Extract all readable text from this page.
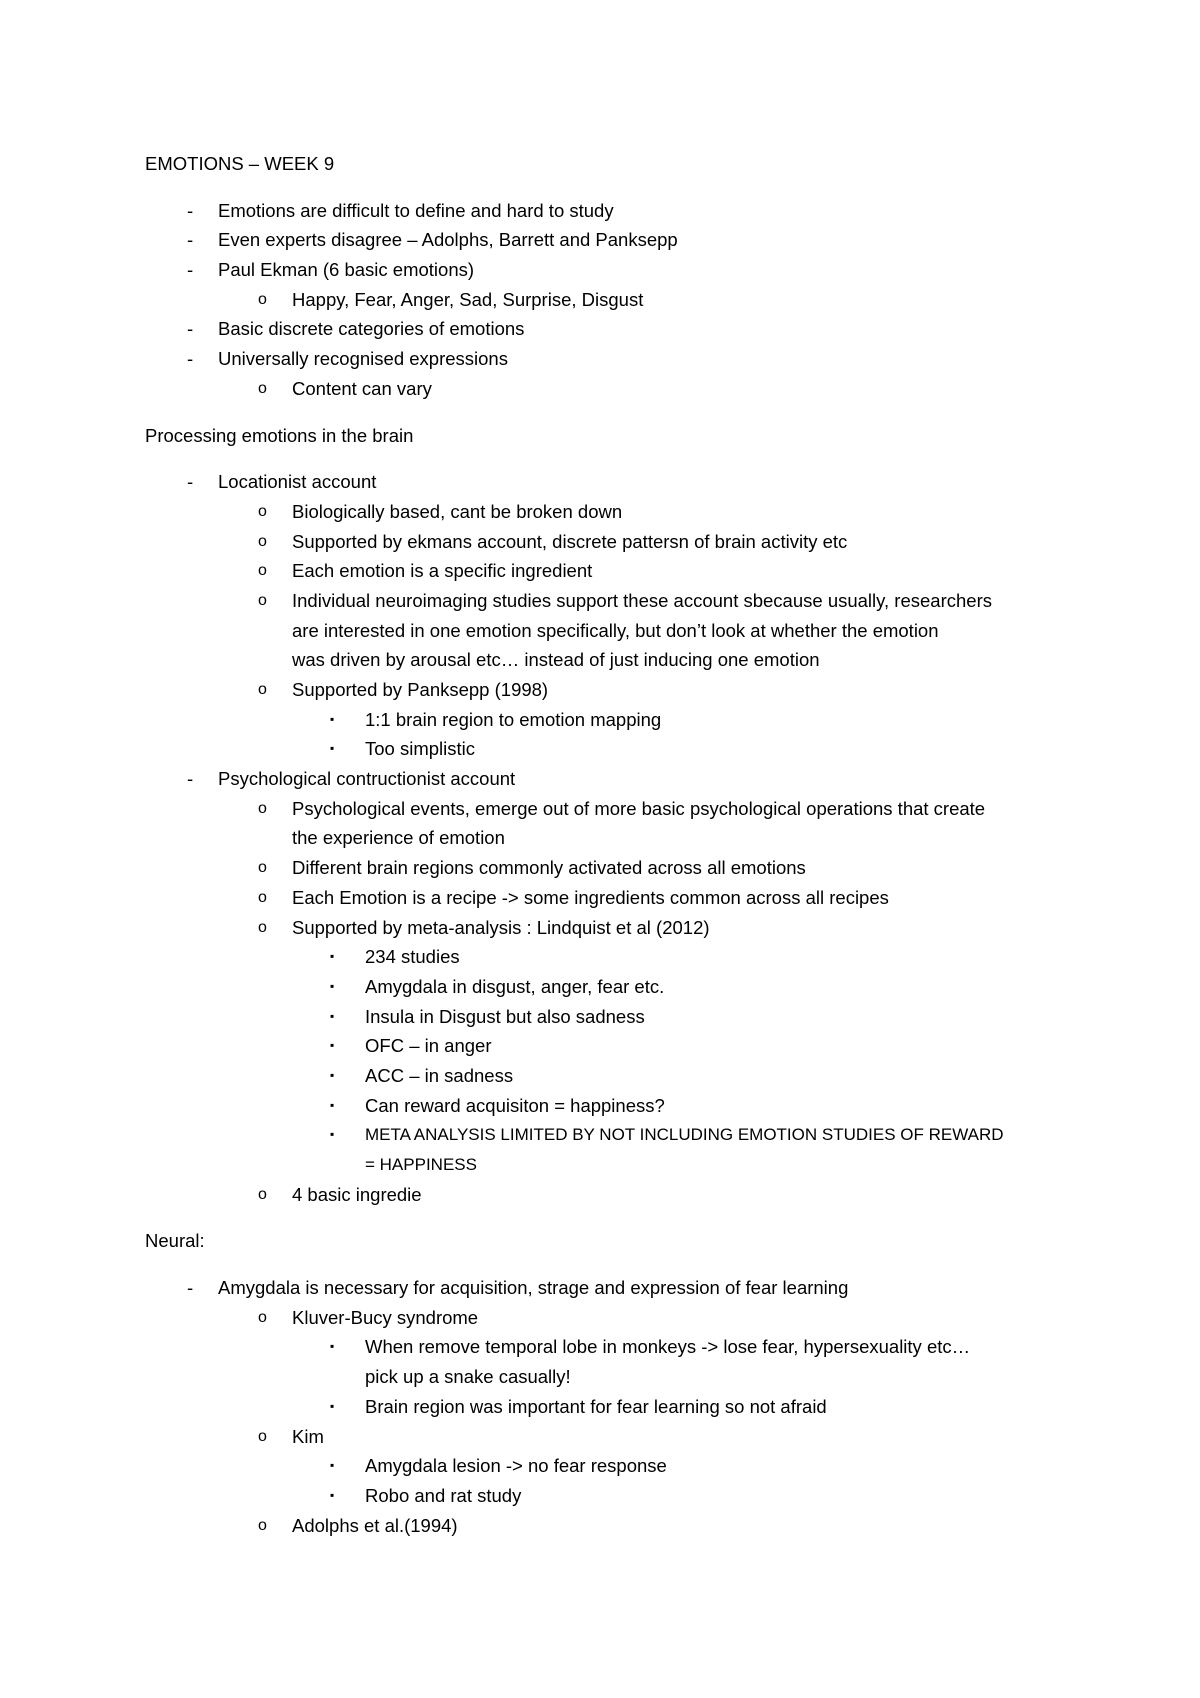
EMOTIONS – WEEK 9
- Emotions are difficult to define and hard to study
- Even experts disagree – Adolphs, Barrett and Panksepp
- Paul Ekman (6 basic emotions)
o Happy, Fear, Anger, Sad, Surprise, Disgust
- Basic discrete categories of emotions
- Universally recognised expressions
o Content can vary
Processing emotions in the brain
- Locationist account
o Biologically based, cant be broken down
o Supported by ekmans account, discrete pattersn of brain activity etc
o Each emotion is a specific ingredient
o Individual neuroimaging studies support these account sbecause usually, researchers
are interested in one emotion specifically, but don’t look at whether the emotion
was driven by arousal etc… instead of just inducing one emotion
o Supported by Panksepp (1998)
▪ 1:1 brain region to emotion mapping
▪ Too simplistic
- Psychological contructionist account
o Psychological events, emerge out of more basic psychological operations that create
the experience of emotion
o Different brain regions commonly activated across all emotions
o Each Emotion is a recipe -> some ingredients common across all recipes
o Supported by meta-analysis : Lindquist et al (2012)
▪ 234 studies
▪ Amygdala in disgust, anger, fear etc.
▪ Insula in Disgust but also sadness
▪ OFC – in anger
▪ ACC – in sadness
▪ Can reward acquisiton = happiness?
▪ META ANALYSIS LIMITED BY NOT INCLUDING EMOTION STUDIES OF REWARD
= HAPPINESS
o 4 basic ingredie
Neural:
- Amygdala is necessary for acquisition, strage and expression of fear learning
o Kluver-Bucy syndrome
▪ When remove temporal lobe in monkeys -> lose fear, hypersexuality etc…
pick up a snake casually!
▪ Brain region was important for fear learning so not afraid
o Kim
▪ Amygdala lesion -> no fear response
▪ Robo and rat study
o Adolphs et al.(1994)
